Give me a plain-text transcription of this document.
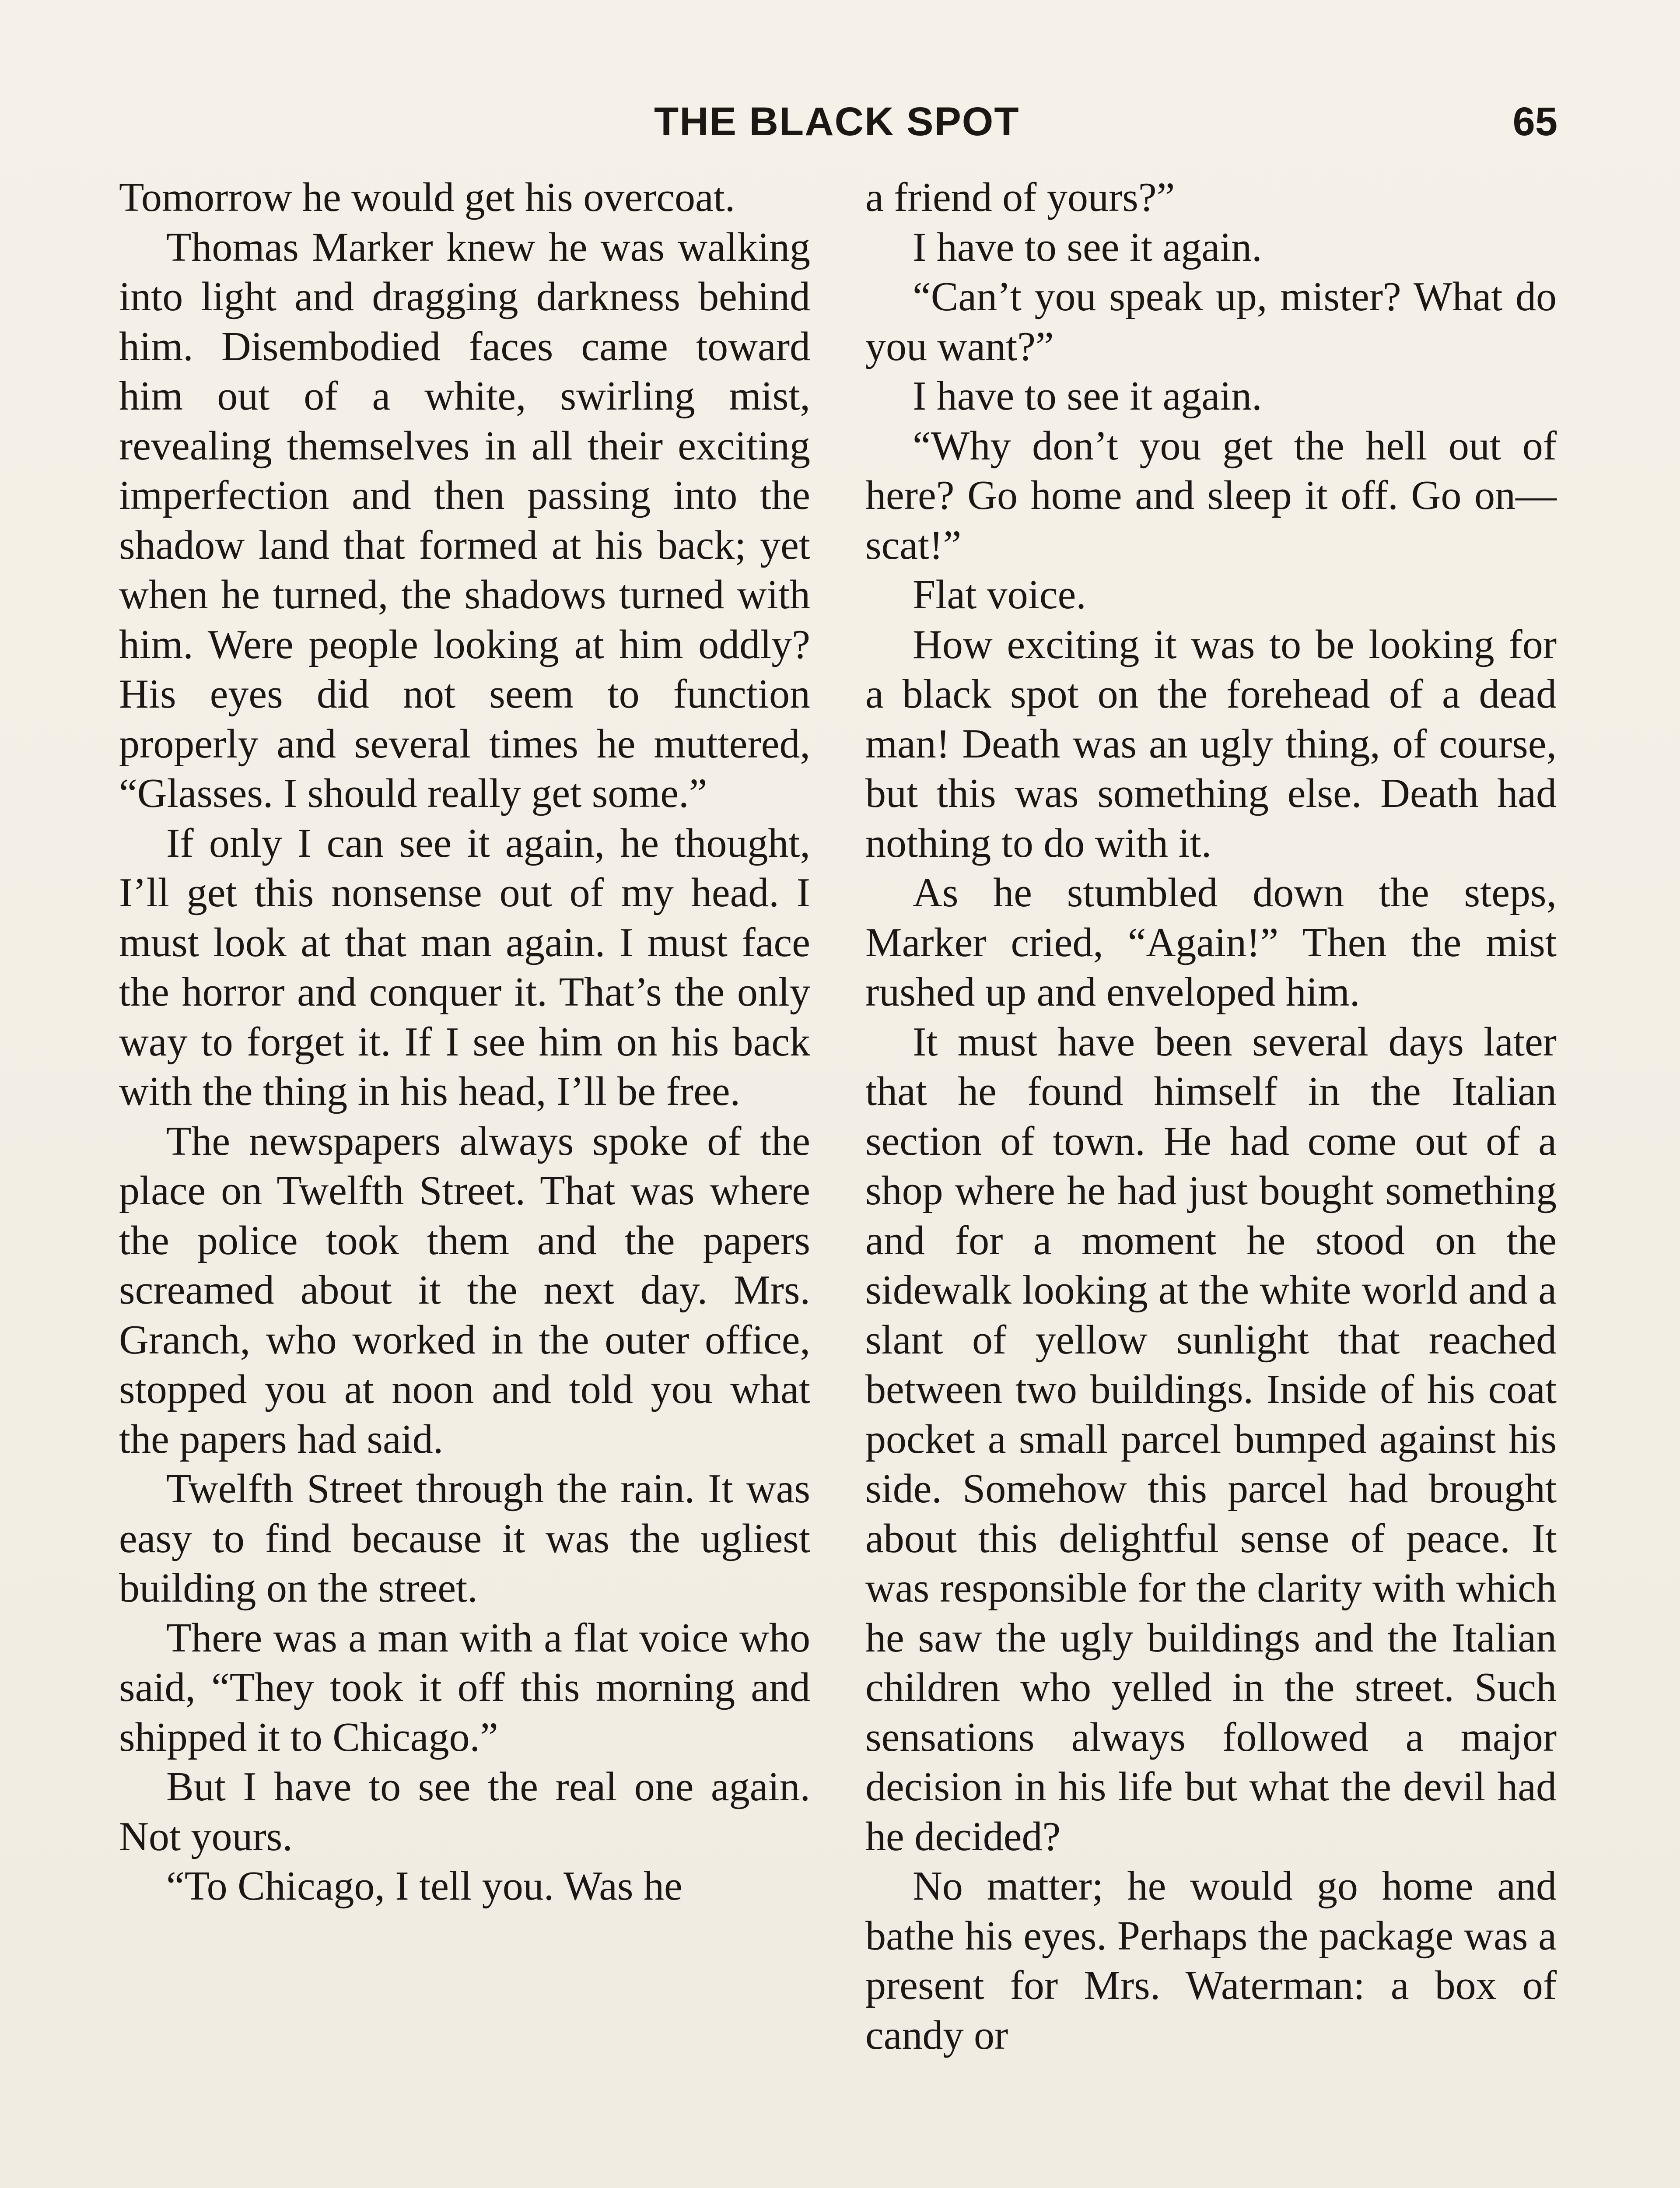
THE BLACK SPOT	65

Tomorrow he would get his overcoat.

Thomas Marker knew he was walking into light and dragging darkness behind him. Disembodied faces came toward him out of a white, swirling mist, revealing themselves in all their exciting imperfection and then passing into the shadow land that formed at his back; yet when he turned, the shadows turned with him. Were people looking at him oddly? His eyes did not seem to function properly and several times he muttered, “Glasses. I should really get some.”

If only I can see it again, he thought, I’ll get this nonsense out of my head. I must look at that man again. I must face the horror and conquer it. That’s the only way to forget it. If I see him on his back with the thing in his head, I’ll be free.

The newspapers always spoke of the place on Twelfth Street. That was where the police took them and the papers screamed about it the next day. Mrs. Granch, who worked in the outer office, stopped you at noon and told you what the papers had said.

Twelfth Street through the rain. It was easy to find because it was the ugliest building on the street.

There was a man with a flat voice who said, “They took it off this morning and shipped it to Chicago.”

But I have to see the real one again. Not yours.

“To Chicago, I tell you. Was he

a friend of yours?”

I have to see it again.

“Can’t you speak up, mister? What do you want?”

I have to see it again.

“Why don’t you get the hell out of here? Go home and sleep it off. Go on—scat!”

Flat voice.

How exciting it was to be looking for a black spot on the forehead of a dead man! Death was an ugly thing, of course, but this was something else. Death had nothing to do with it.

As he stumbled down the steps, Marker cried, “Again!” Then the mist rushed up and enveloped him.

It must have been several days later that he found himself in the Italian section of town. He had come out of a shop where he had just bought something and for a moment he stood on the sidewalk looking at the white world and a slant of yellow sunlight that reached between two buildings. Inside of his coat pocket a small parcel bumped against his side. Somehow this parcel had brought about this delightful sense of peace. It was responsible for the clarity with which he saw the ugly buildings and the Italian children who yelled in the street. Such sensations always followed a major decision in his life but what the devil had he decided?

No matter; he would go home and bathe his eyes. Perhaps the package was a present for Mrs. Waterman: a box of candy or
